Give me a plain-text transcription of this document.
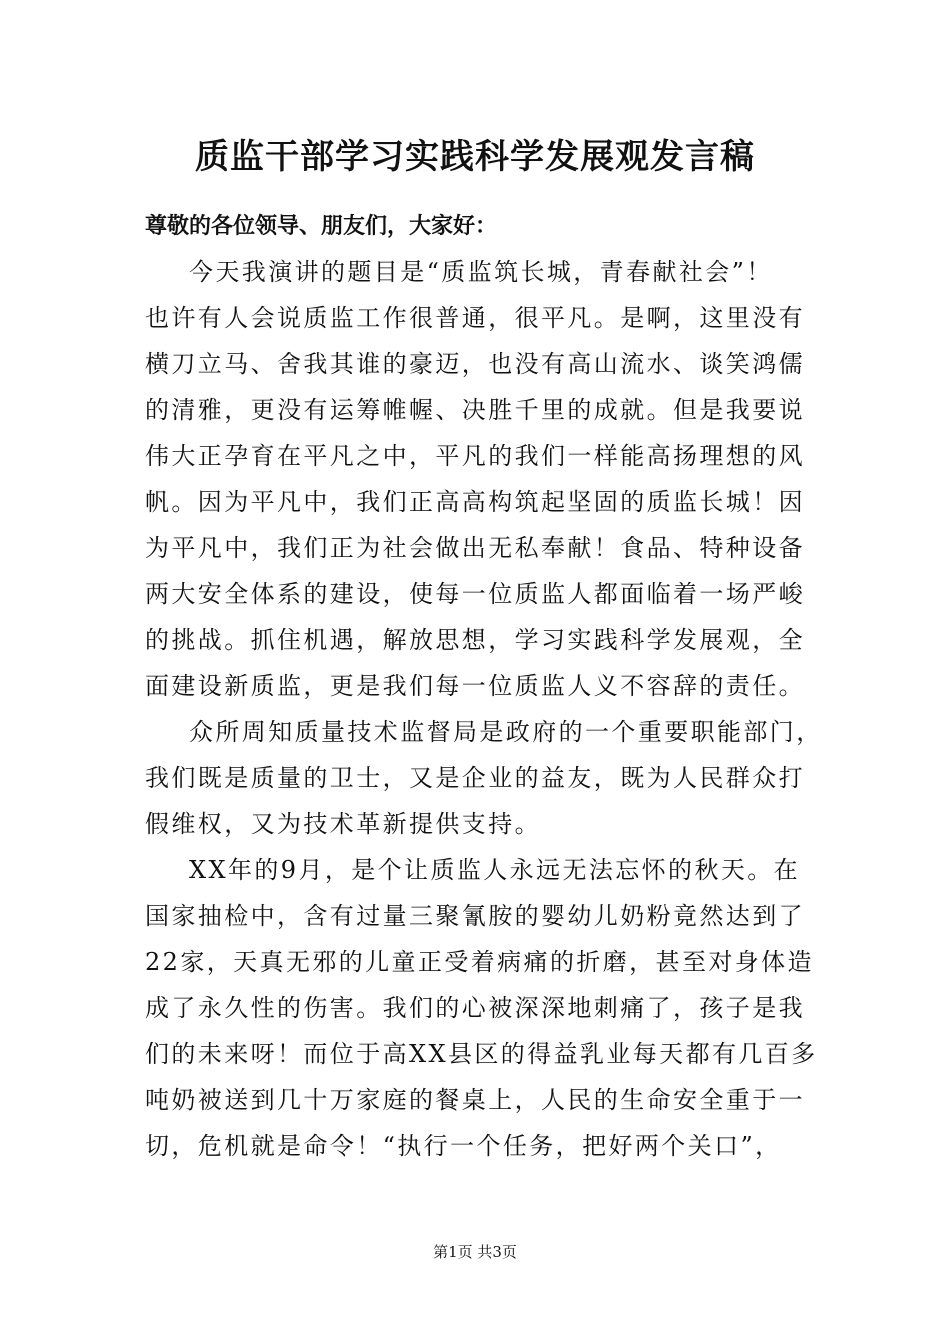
质监干部学习实践科学发展观发言稿

尊敬的各位领导、朋友们，大家好：

今天我演讲的题目是“质监筑长城，青春献社会”！
也许有人会说质监工作很普通，很平凡。是啊，这里没有
横刀立马、舍我其谁的豪迈，也没有高山流水、谈笑鸿儒
的清雅，更没有运筹帷幄、决胜千里的成就。但是我要说
伟大正孕育在平凡之中，平凡的我们一样能高扬理想的风
帆。因为平凡中，我们正高高构筑起坚固的质监长城！因
为平凡中，我们正为社会做出无私奉献！食品、特种设备
两大安全体系的建设，使每一位质监人都面临着一场严峻
的挑战。抓住机遇，解放思想，学习实践科学发展观，全
面建设新质监，更是我们每一位质监人义不容辞的责任。

众所周知质量技术监督局是政府的一个重要职能部门，
我们既是质量的卫士，又是企业的益友，既为人民群众打
假维权，又为技术革新提供支持。

XX年的9月，是个让质监人永远无法忘怀的秋天。在
国家抽检中，含有过量三聚氰胺的婴幼儿奶粉竟然达到了
22家，天真无邪的儿童正受着病痛的折磨，甚至对身体造
成了永久性的伤害。我们的心被深深地刺痛了，孩子是我
们的未来呀！而位于高XX县区的得益乳业每天都有几百多
吨奶被送到几十万家庭的餐桌上，人民的生命安全重于一
切，危机就是命令！“执行一个任务，把好两个关口”，

第1页 共3页
